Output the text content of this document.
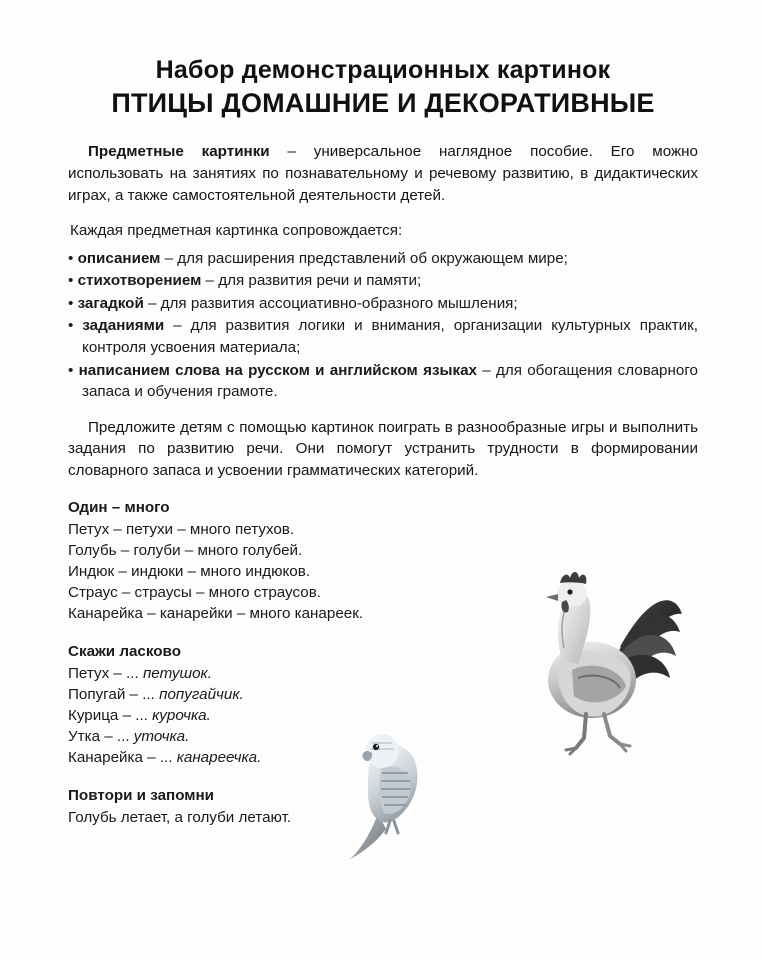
Набор демонстрационных картинок
ПТИЦЫ ДОМАШНИЕ И ДЕКОРАТИВНЫЕ

Предметные картинки – универсальное наглядное пособие. Его можно использовать на занятиях по познавательному и речевому развитию, в дидактических играх, а также самостоятельной деятельности детей.

Каждая предметная картинка сопровождается:

• описанием – для расширения представлений об окружающем мире;
• стихотворением – для развития речи и памяти;
• загадкой – для развития ассоциативно-образного мышления;
• заданиями – для развития логики и внимания, организации культурных практик, контроля усвоения материала;
• написанием слова на русском и английском языках – для обогащения словарного запаса и обучения грамоте.

Предложите детям с помощью картинок поиграть в разнообразные игры и выполнить задания по развитию речи. Они помогут устранить трудности в формировании словарного запаса и усвоении грамматических категорий.

Один – много
Петух – петухи – много петухов.
Голубь – голуби – много голубей.
Индюк – индюки – много индюков.
Страус – страусы – много страусов.
Канарейка – канарейки – много канареек.
Скажи ласково
Петух – ... петушок.
Попугай – ... попугайчик.
Курица – ... курочка.
Утка – ... уточка.
Канарейка – ... канареечка.
Повтори и запомни
Голубь летает, а голуби летают.
